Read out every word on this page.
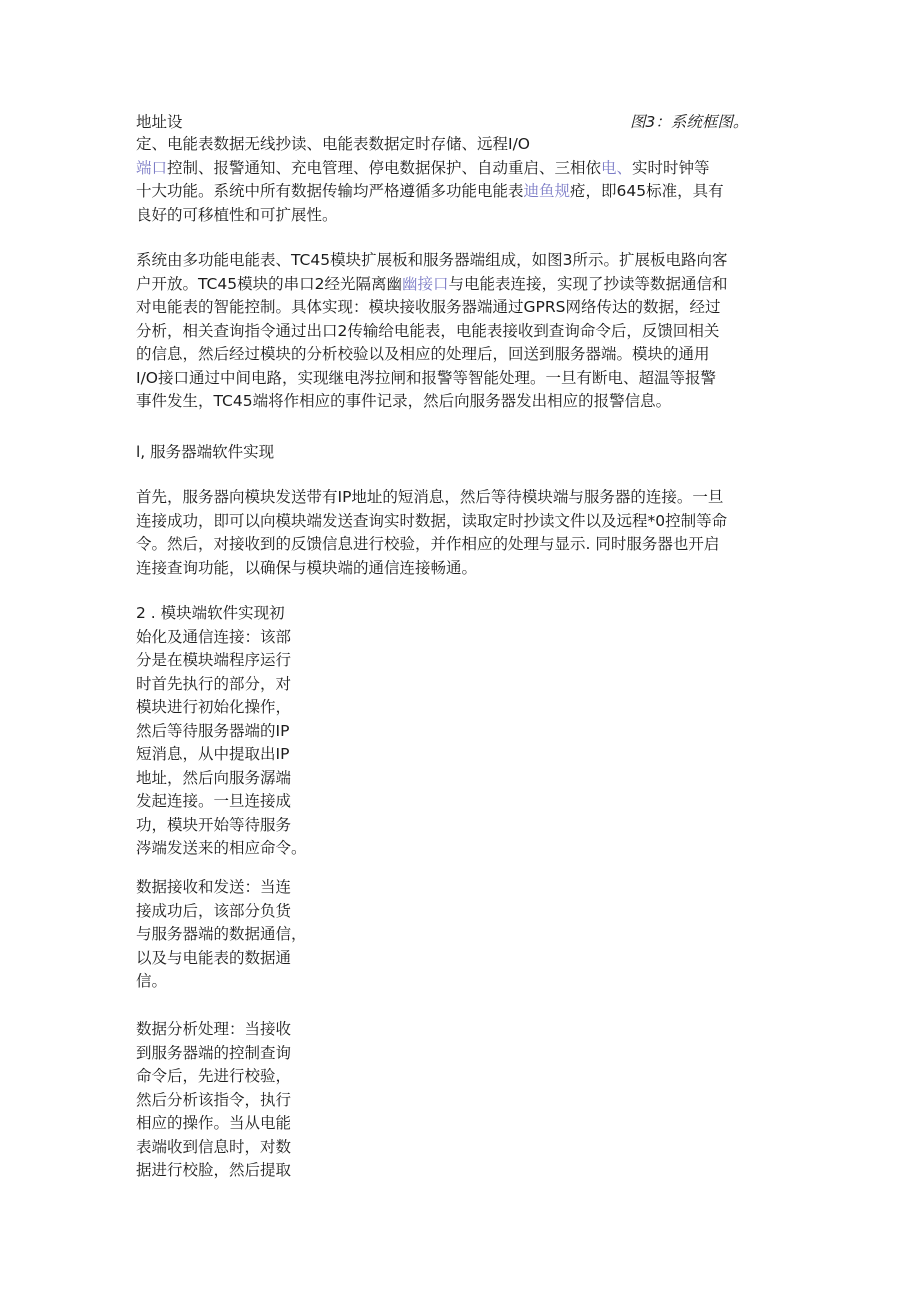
地址设	图3：系统框图。
定、电能表数据无线抄读、电能表数据定时存储、远程I/O
端口控制、报警通知、充电管理、停电数据保护、自动重启、三相依电、实时时钟等
十大功能。系统中所有数据传输均严格遵循多功能电能表迪鱼规疮，即645标准，具有
良好的可移植性和可扩展性。
系统由多功能电能表、TC45模块扩展板和服务器端组成，如图3所示。扩展板电路向客
户开放。TC45模块的串口2经光隔离幽幽接口与电能表连接，实现了抄读等数据通信和
对电能表的智能控制。具体实现：模块接收服务器端通过GPRS网络传达的数据，经过
分析，相关查询指令通过出口2传输给电能表，电能表接收到查询命令后，反馈回相关
的信息，然后经过模块的分析校验以及相应的处理后，回送到服务器端。模块的通用
I/O接口通过中间电路，实现继电涔拉闸和报警等智能处理。一旦有断电、超温等报警
事件发生，TC45端将作相应的事件记录，然后向服务器发出相应的报警信息。
l, 服务器端软件实现
首先，服务器向模块发送带有IP地址的短消息，然后等待模块端与服务器的连接。一旦
连接成功，即可以向模块端发送查询实时数据，读取定时抄读文件以及远程*0控制等命
令。然后，对接收到的反馈信息进行校验，并作相应的处理与显示. 同时服务器也开启
连接查询功能，以确保与模块端的通信连接畅通。
2 . 模块端软件实现初
始化及通信连接：该部
分是在模块端程序运行
时首先执行的部分，对
模块进行初始化操作，
然后等待服务器端的IP
短消息，从中提取出IP
地址，然后向服务潺端
发起连接。一旦连接成
功，模块开始等待服务
涔端发送来的相应命令。
数据接收和发送：当连
接成功后，该部分负货
与服务器端的数据通信，
以及与电能表的数据通
信。
数据分析处理：当接收
到服务器端的控制查询
命令后，先进行校验，
然后分析该指令，执行
相应的操作。当从电能
表端收到信息时，对数
据进行校脸，然后提取
